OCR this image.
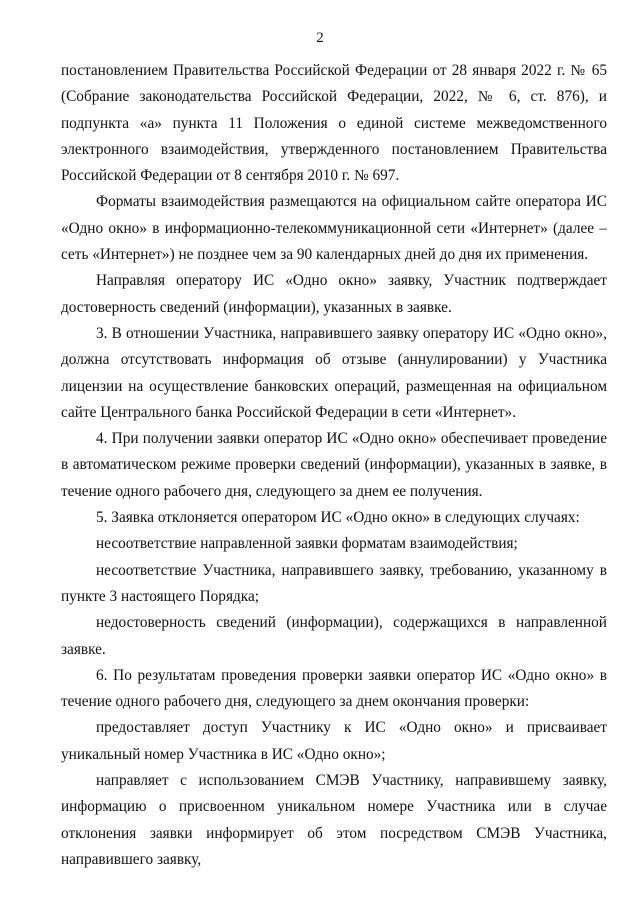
2

постановлением Правительства Российской Федерации от 28 января 2022 г. № 65 (Собрание законодательства Российской Федерации, 2022, № 6, ст. 876), и подпункта «а» пункта 11 Положения о единой системе межведомственного электронного взаимодействия, утвержденного постановлением Правительства Российской Федерации от 8 сентября 2010 г. № 697.

Форматы взаимодействия размещаются на официальном сайте оператора ИС «Одно окно» в информационно-телекоммуникационной сети «Интернет» (далее – сеть «Интернет») не позднее чем за 90 календарных дней до дня их применения.

Направляя оператору ИС «Одно окно» заявку, Участник подтверждает достоверность сведений (информации), указанных в заявке.

3. В отношении Участника, направившего заявку оператору ИС «Одно окно», должна отсутствовать информация об отзыве (аннулировании) у Участника лицензии на осуществление банковских операций, размещенная на официальном сайте Центрального банка Российской Федерации в сети «Интернет».

4. При получении заявки оператор ИС «Одно окно» обеспечивает проведение в автоматическом режиме проверки сведений (информации), указанных в заявке, в течение одного рабочего дня, следующего за днем ее получения.

5. Заявка отклоняется оператором ИС «Одно окно» в следующих случаях:

несоответствие направленной заявки форматам взаимодействия;

несоответствие Участника, направившего заявку, требованию, указанному в пункте 3 настоящего Порядка;

недостоверность сведений (информации), содержащихся в направленной заявке.

6. По результатам проведения проверки заявки оператор ИС «Одно окно» в течение одного рабочего дня, следующего за днем окончания проверки:

предоставляет доступ Участнику к ИС «Одно окно» и присваивает уникальный номер Участника в ИС «Одно окно»;

направляет с использованием СМЭВ Участнику, направившему заявку, информацию о присвоенном уникальном номере Участника или в случае отклонения заявки информирует об этом посредством СМЭВ Участника, направившего заявку,
